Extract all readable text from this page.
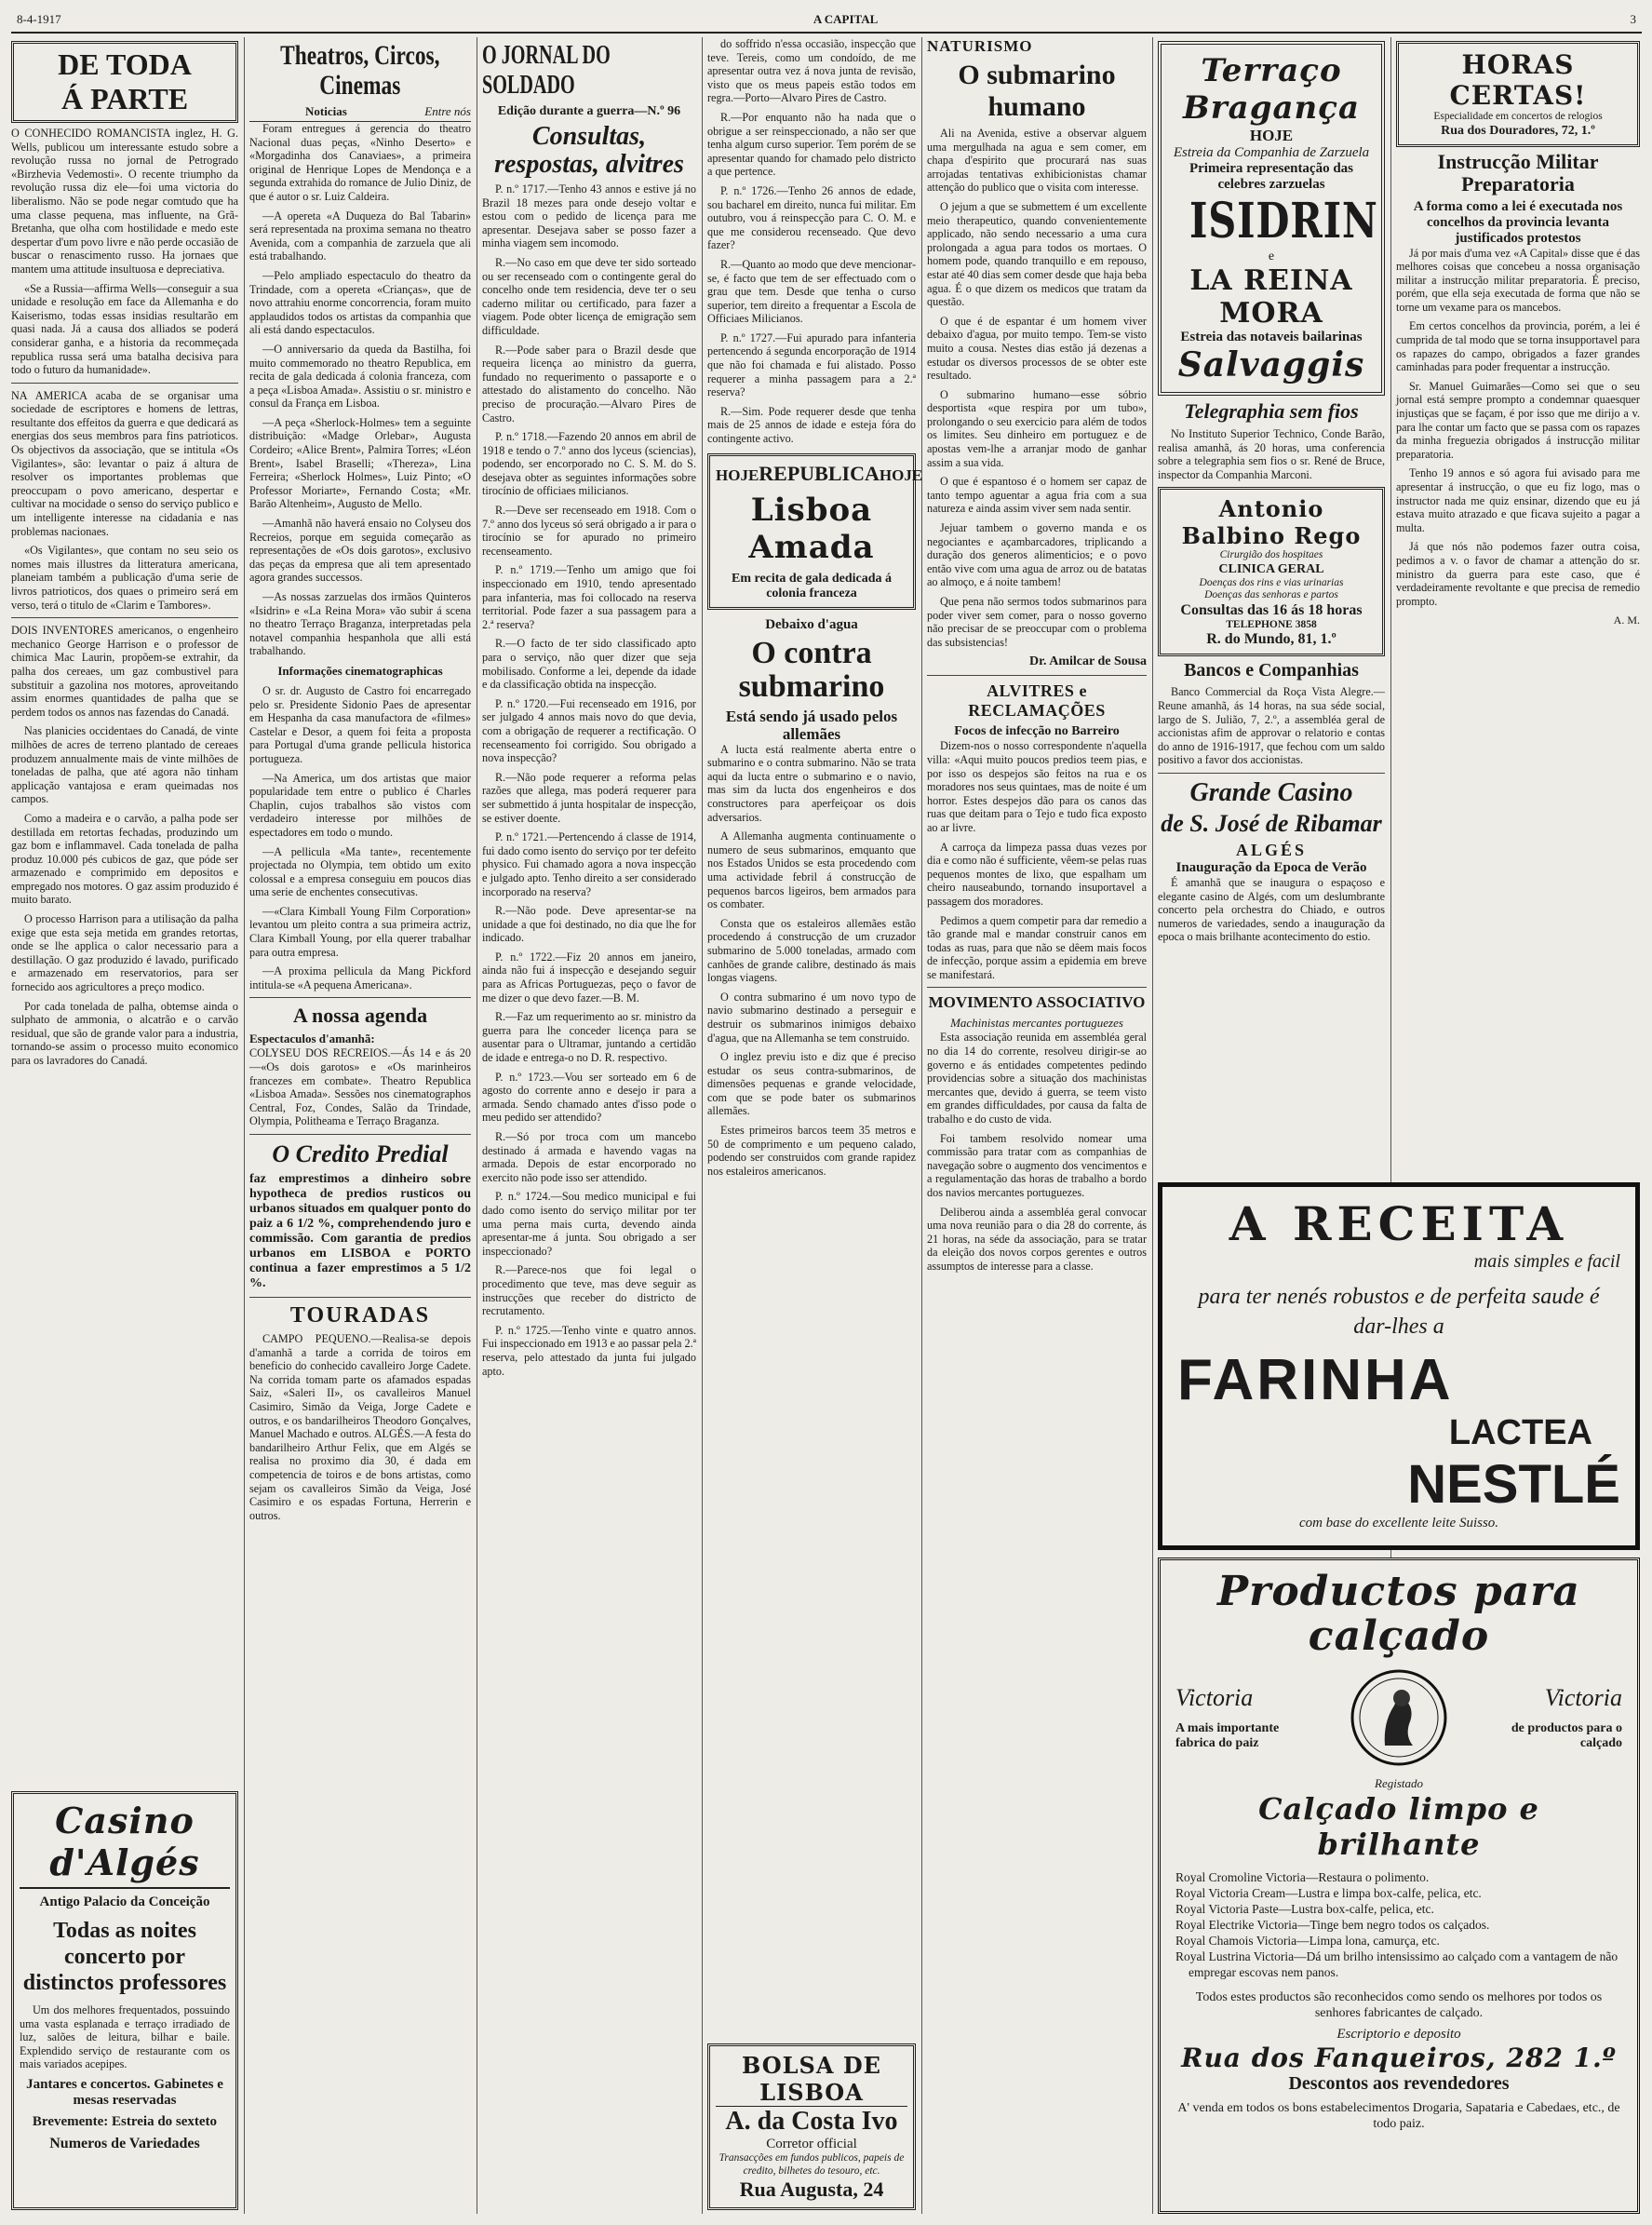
8-4-1917	A CAPITAL	3
DE TODA
Á PARTE

O CONHECIDO ROMANCISTA inglez, H. G. Wells, publicou um interessante estudo sobre a revolução russa no jornal de Petrogrado «Birzhevia Vedemosti». O recente triumpho da revolução russa diz ele—foi uma victoria do liberalismo. Não se pode negar comtudo que ha uma classe pequena, mas influente, na Grã-Bretanha, que olha com hostilidade e medo este despertar d'um povo livre e não perde occasião de buscar o renascimento russo. Ha jornaes que mantem uma attitude insultuosa e depreciativa.

«Se a Russia—affirma Wells—conseguir a sua unidade e resolução em face da Allemanha e do Kaiserismo, todas essas insidias resultarão em quasi nada. Já a causa dos alliados se poderá considerar ganha, e a historia da recommeçada republica russa será uma batalha decisiva para todo o futuro da humanidade».

NA AMERICA acaba de se organisar uma sociedade de escriptores e homens de lettras, resultante dos effeitos da guerra e que dedicará as energias dos seus membros para fins patrioticos. Os objectivos da associação, que se intitula «Os Vigilantes», são: levantar o paiz á altura de resolver os importantes problemas que preoccupam o povo americano, despertar e cultivar na mocidade o senso do serviço publico e um intelligente interesse na cidadania e nas problemas nacionaes.

«Os Vigilantes», que contam no seu seio os nomes mais illustres da litteratura americana, planeiam também a publicação d'uma serie de livros patrioticos, dos quaes o primeiro será em verso, terá o titulo de «Clarim e Tambores».

DOIS INVENTORES americanos, o engenheiro mechanico George Harrison e o professor de chimica Mac Laurin, propõem-se extrahir, da palha dos cereaes, um gaz combustivel para substituir a gazolina nos motores, aproveitando assim enormes quantidades de palha que se perdem todos os annos nas fazendas do Canadá.

Nas planicies occidentaes do Canadá, de vinte milhões de acres de terreno plantado de cereaes produzem annualmente mais de vinte milhões de toneladas de palha, que até agora não tinham applicação vantajosa e eram queimadas nos campos.

Como a madeira e o carvão, a palha pode ser destillada em retortas fechadas, produzindo um gaz bom e inflammavel. Cada tonelada de palha produz 10.000 pés cubicos de gaz, que póde ser armazenado e comprimido em depositos e empregado nos motores. O gaz assim produzido é muito barato.

O processo Harrison para a utilisação da palha exige que esta seja metida em grandes retortas, onde se lhe applica o calor necessario para a destillação. O gaz produzido é lavado, purificado e armazenado em reservatorios, para ser fornecido aos agricultores a preço modico.

Por cada tonelada de palha, obtemse ainda o sulphato de ammonia, o alcatrão e o carvão residual, que são de grande valor para a industria, tornando-se assim o processo muito economico para os lavradores do Canadá.

Casino d'Algés
Antigo Palacio da Conceição
Todas as noites concerto por distinctos professores

Um dos melhores frequentados, possuindo uma vasta esplanada e terraço irradiado de luz, salões de leitura, bilhar e baile. Explendido serviço de restaurante com os mais variados acepipes.

Jantares e concertos. Gabinetes e mesas reservadas
Brevemente: Estreia do sexteto
Numeros de Variedades
Theatros, Circos, Cinemas
Noticias	Entre nós

Foram entregues á gerencia do theatro Nacional duas peças, «Ninho Deserto» e «Morgadinha dos Canaviaes», a primeira original de Henrique Lopes de Mendonça e a segunda extrahida do romance de Julio Diniz, de que é autor o sr. Luiz Caldeira.

—A opereta «A Duqueza do Bal Tabarin» será representada na proxima semana no theatro Avenida, com a companhia de zarzuela que ali está trabalhando.

—Pelo ampliado espectaculo do theatro da Trindade, com a opereta «Crianças», que de novo attrahiu enorme concorrencia, foram muito applaudidos todos os artistas da companhia que ali está dando espectaculos.

—O anniversario da queda da Bastilha, foi muito commemorado no theatro Republica, em recita de gala dedicada á colonia franceza, com a peça «Lisboa Amada». Assistiu o sr. ministro e consul da França em Lisboa.

—A peça «Sherlock-Holmes» tem a seguinte distribuição: «Madge Orlebar», Augusta Cordeiro; «Alice Brent», Palmira Torres; «Léon Brent», Isabel Braselli; «Thereza», Lina Ferreira; «Sherlock Holmes», Luiz Pinto; «O Professor Moriarte», Fernando Costa; «Mr. Barão Altenheim», Augusto de Mello.

—Amanhã não haverá ensaio no Colyseu dos Recreios, porque em seguida começarão as representações de «Os dois garotos», exclusivo das peças da empresa que ali tem apresentado agora grandes successos.

—As nossas zarzuelas dos irmãos Quinteros «Isidrin» e «La Reina Mora» vão subir á scena no theatro Terraço Braganza, interpretadas pela notavel companhia hespanhola que alli está trabalhando.

Informações cinematographicas

O sr. dr. Augusto de Castro foi encarregado pelo sr. Presidente Sidonio Paes de apresentar em Hespanha da casa manufactora de «filmes» Castelar e Desor, a quem foi feita a proposta para Portugal d'uma grande pellicula historica portugueza.

—Na America, um dos artistas que maior popularidade tem entre o publico é Charles Chaplin, cujos trabalhos são vistos com verdadeiro interesse por milhões de espectadores em todo o mundo.

—A pellicula «Ma tante», recentemente projectada no Olympia, tem obtido um exito colossal e a empresa conseguiu em poucos dias uma serie de enchentes consecutivas.

—«Clara Kimball Young Film Corporation» levantou um pleito contra a sua primeira actriz, Clara Kimball Young, por ella querer trabalhar para outra empresa.

—A proxima pellicula da Mang Pickford intitula-se «A pequena Americana».

A nossa agenda
Espectaculos d'amanhã:

COLYSEU DOS RECREIOS.—Ás 14 e ás 20—«Os dois garotos» e «Os marinheiros francezes em combate». Theatro Republica «Lisboa Amada». Sessões nos cinematographos Central, Foz, Condes, Salão da Trindade, Olympia, Politheama e Terraço Braganza.

O Credito Predial

faz emprestimos a dinheiro sobre hypotheca de predios rusticos ou urbanos situados em qualquer ponto do paiz a 6 1/2 %, comprehendendo juro e commissão. Com garantia de predios urbanos em LISBOA e PORTO continua a fazer emprestimos a 5 1/2 %.

TOURADAS

CAMPO PEQUENO.—Realisa-se depois d'amanhã a tarde a corrida de toiros em beneficio do conhecido cavalleiro Jorge Cadete. Na corrida tomam parte os afamados espadas Saiz, «Saleri II», os cavalleiros Manuel Casimiro, Simão da Veiga, Jorge Cadete e outros, e os bandarilheiros Theodoro Gonçalves, Manuel Machado e outros. ALGÉS.—A festa do bandarilheiro Arthur Felix, que em Algés se realisa no proximo dia 30, é dada em competencia de toiros e de bons artistas, como sejam os cavalleiros Simão da Veiga, José Casimiro e os espadas Fortuna, Herrerin e outros.

O JORNAL DO SOLDADO
Edição durante a guerra—N.º 96
Consultas, respostas, alvitres

P. n.º 1717.—Tenho 43 annos e estive já no Brazil 18 mezes para onde desejo voltar e estou com o pedido de licença para me apresentar. Desejava saber se posso fazer a minha viagem sem incomodo.

R.—No caso em que deve ter sido sorteado ou ser recenseado com o contingente geral do concelho onde tem residencia, deve ter o seu caderno militar ou certificado, para fazer a viagem. Pode obter licença de emigração sem difficuldade.

R.—Pode saber para o Brazil desde que requeira licença ao ministro da guerra, fundado no requerimento o passaporte e o attestado do alistamento do concelho. Não preciso de procuração.—Alvaro Pires de Castro.

P. n.º 1718.—Fazendo 20 annos em abril de 1918 e tendo o 7.º anno dos lyceus (sciencias), podendo, ser encorporado no C. S. M. do S. desejava obter as seguintes informações sobre tirocínio de officiaes milicianos.

R.—Deve ser recenseado em 1918. Com o 7.º anno dos lyceus só será obrigado a ir para o tirocínio se for apurado no primeiro recenseamento.

P. n.º 1719.—Tenho um amigo que foi inspeccionado em 1910, tendo apresentado para infanteria, mas foi collocado na reserva territorial. Pode fazer a sua passagem para a 2.ª reserva?

R.—O facto de ter sido classificado apto para o serviço, não quer dizer que seja mobilisado. Conforme a lei, depende da idade e da classificação obtida na inspecção.

P. n.º 1720.—Fui recenseado em 1916, por ser julgado 4 annos mais novo do que devia, com a obrigação de requerer a rectificação. O recenseamento foi corrigido. Sou obrigado a nova inspecção?

R.—Não pode requerer a reforma pelas razões que allega, mas poderá requerer para ser submettido á junta hospitalar de inspecção, se estiver doente.

P. n.º 1721.—Pertencendo á classe de 1914, fui dado como isento do serviço por ter defeito physico. Fui chamado agora a nova inspecção e julgado apto. Tenho direito a ser considerado incorporado na reserva?

R.—Não pode. Deve apresentar-se na unidade a que foi destinado, no dia que lhe for indicado.

P. n.º 1722.—Fiz 20 annos em janeiro, ainda não fui á inspecção e desejando seguir para as Africas Portuguezas, peço o favor de me dizer o que devo fazer.—B. M.

R.—Faz um requerimento ao sr. ministro da guerra para lhe conceder licença para se ausentar para o Ultramar, juntando a certidão de idade e entrega-o no D. R. respectivo.

P. n.º 1723.—Vou ser sorteado em 6 de agosto do corrente anno e desejo ir para a armada. Sendo chamado antes d'isso pode o meu pedido ser attendido?

R.—Só por troca com um mancebo destinado á armada e havendo vagas na armada. Depois de estar encorporado no exercito não pode isso ser attendido.

P. n.º 1724.—Sou medico municipal e fui dado como isento do serviço militar por ter uma perna mais curta, devendo ainda apresentar-me á junta. Sou obrigado a ser inspeccionado?

R.—Parece-nos que foi legal o procedimento que teve, mas deve seguir as instrucções que receber do districto de recrutamento.

P. n.º 1725.—Tenho vinte e quatro annos. Fui inspeccionado em 1913 e ao passar pela 2.ª reserva, pelo attestado da junta fui julgado apto.

do soffrido n'essa occasião, inspecção que teve. Tereis, como um condoído, de me apresentar outra vez á nova junta de revisão, visto que os meus papeis estão todos em regra.—Porto—Alvaro Pires de Castro.

R.—Por enquanto não ha nada que o obrigue a ser reinspeccionado, a não ser que tenha algum curso superior. Tem porém de se apresentar quando for chamado pelo districto a que pertence.

P. n.º 1726.—Tenho 26 annos de edade, sou bacharel em direito, nunca fui militar. Em outubro, vou á reinspecção para C. O. M. e que me considerou recenseado. Que devo fazer?

R.—Quanto ao modo que deve mencionar-se, é facto que tem de ser effectuado com o grau que tem. Desde que tenha o curso superior, tem direito a frequentar a Escola de Officiaes Milicianos.

P. n.º 1727.—Fui apurado para infanteria pertencendo á segunda encorporação de 1914 que não foi chamada e fui alistado. Posso requerer a minha passagem para a 2.ª reserva?

R.—Sim. Pode requerer desde que tenha mais de 25 annos de idade e esteja fóra do contingente activo.

HOJE REPUBLICA HOJE
Lisboa Amada
Em recita de gala dedicada á colonia franceza
Debaixo d'agua
O contra submarino
Está sendo já usado pelos allemães

A lucta está realmente aberta entre o submarino e o contra submarino. Não se trata aqui da lucta entre o submarino e o navio, mas sim da lucta dos engenheiros e dos constructores para aperfeiçoar os dois adversarios.

A Allemanha augmenta continuamente o numero de seus submarinos, emquanto que nos Estados Unidos se esta procedendo com uma actividade febril á construcção de pequenos barcos ligeiros, bem armados para os combater.

Consta que os estaleiros allemães estão procedendo á construcção de um cruzador submarino de 5.000 toneladas, armado com canhões de grande calibre, destinado ás mais longas viagens.

O contra submarino é um novo typo de navio submarino destinado a perseguir e destruir os submarinos inimigos debaixo d'agua, que na Allemanha se tem construido.

O inglez previu isto e diz que é preciso estudar os seus contra-submarinos, de dimensões pequenas e grande velocidade, com que se pode bater os submarinos allemães.

Estes primeiros barcos teem 35 metros e 50 de comprimento e um pequeno calado, podendo ser construidos com grande rapidez nos estaleiros americanos.

BOLSA DE LISBOA
A. da Costa Ivo
Corretor official
Transacções em fundos publicos, papeis de credito, bilhetes do tesouro, etc.
Rua Augusta, 24
NATURISMO
O submarino humano

Ali na Avenida, estive a observar alguem uma mergulhada na agua e sem comer, em chapa d'espirito que procurará nas suas arrojadas tentativas exhibicionistas chamar attenção do publico que o visita com interesse.

O jejum a que se submettem é um excellente meio therapeutico, quando convenientemente applicado, não sendo necessario a uma cura prolongada a agua para todos os mortaes. O homem pode, quando tranquillo e em repouso, estar até 40 dias sem comer desde que haja beba agua. É o que dizem os medicos que tratam da questão.

O que é de espantar é um homem viver debaixo d'agua, por muito tempo. Tem-se visto muito a cousa. Nestes dias estão já dezenas a estudar os diversos processos de se obter este resultado.

O submarino humano—esse sóbrio desportista «que respira por um tubo», prolongando o seu exercicio para além de todos os limites. Seu dinheiro em portuguez e de apostas vem-lhe a arranjar modo de ganhar assim a sua vida.

O que é espantoso é o homem ser capaz de tanto tempo aguentar a agua fria com a sua natureza e ainda assim viver sem nada sentir.

Jejuar tambem o governo manda e os negociantes e açambarcadores, triplicando a duração dos generos alimenticios; e o povo então vive com uma agua de arroz ou de batatas ao almoço, e á noite tambem!

Que pena não sermos todos submarinos para poder viver sem comer, para o nosso governo não precisar de se preoccupar com o problema das subsistencias!

Dr. Amilcar de Sousa
ALVITRES e RECLAMAÇÕES
Focos de infecção no Barreiro

Dizem-nos o nosso correspondente n'aquella villa: «Aqui muito poucos predios teem pias, e por isso os despejos são feitos na rua e os moradores nos seus quintaes, mas de noite é um horror. Estes despejos dão para os canos das ruas que deitam para o Tejo e tudo fica exposto ao ar livre.

A carroça da limpeza passa duas vezes por dia e como não é sufficiente, vêem-se pelas ruas pequenos montes de lixo, que espalham um cheiro nauseabundo, tornando insuportavel a passagem dos moradores.

Pedimos a quem competir para dar remedio a tão grande mal e mandar construir canos em todas as ruas, para que não se dêem mais focos de infecção, porque assim a epidemia em breve se manifestará.

MOVIMENTO ASSOCIATIVO
Machinistas mercantes portuguezes

Esta associação reunida em assembléa geral no dia 14 do corrente, resolveu dirigir-se ao governo e ás entidades competentes pedindo providencias sobre a situação dos machinistas mercantes que, devido á guerra, se teem visto em grandes difficuldades, por causa da falta de trabalho e do custo de vida.

Foi tambem resolvido nomear uma commissão para tratar com as companhias de navegação sobre o augmento dos vencimentos e a regulamentação das horas de trabalho a bordo dos navios mercantes portuguezes.

Deliberou ainda a assembléa geral convocar uma nova reunião para o dia 28 do corrente, ás 21 horas, na séde da associação, para se tratar da eleição dos novos corpos gerentes e outros assumptos de interesse para a classe.

Terraço Bragança
HOJE
Estreia da Companhia de Zarzuela
Primeira representação das celebres zarzuelas
ISIDRIN
e
LA REINA MORA
Estreia das notaveis bailarinas
Salvaggis
Telegraphia sem fios

No Instituto Superior Technico, Conde Barão, realisa amanhã, ás 20 horas, uma conferencia sobre a telegraphia sem fios o sr. René de Bruce, inspector da Companhia Marconi.

Antonio Balbino Rego
Cirurgião dos hospitaes
CLINICA GERAL
Doenças dos rins e vias urinarias
Doenças das senhoras e partos
Consultas das 16 ás 18 horas
TELEPHONE 3858
R. do Mundo, 81, 1.º
Bancos e Companhias

Banco Commercial da Roça Vista Alegre.—Reune amanhã, ás 14 horas, na sua séde social, largo de S. Julião, 7, 2.º, a assembléa geral de accionistas afim de approvar o relatorio e contas do anno de 1916-1917, que fechou com um saldo positivo a favor dos accionistas.

Grande Casino
de S. José de Ribamar
ALGÉS
Inauguração da Epoca de Verão

É amanhã que se inaugura o espaçoso e elegante casino de Algés, com um deslumbrante concerto pela orchestra do Chiado, e outros numeros de variedades, sendo a inauguração da epoca o mais brilhante acontecimento do estio.

HORAS CERTAS!
Especialidade em concertos de relogios
Rua dos Douradores, 72, 1.º
Instrucção Militar Preparatoria
A forma como a lei é executada nos concelhos da provincia levanta justificados protestos

Já por mais d'uma vez «A Capital» disse que é das melhores coisas que concebeu a nossa organisação militar a instrucção militar preparatoria. É preciso, porém, que ella seja executada de forma que não se torne um vexame para os mancebos.

Em certos concelhos da provincia, porém, a lei é cumprida de tal modo que se torna insupportavel para os rapazes do campo, obrigados a fazer grandes caminhadas para poder frequentar a instrucção.

Sr. Manuel Guimarães—Como sei que o seu jornal está sempre prompto a condemnar quaesquer injustiças que se façam, é por isso que me dirijo a v. para lhe contar um facto que se passa com os rapazes da minha freguezia obrigados á instrucção militar preparatoria.

Tenho 19 annos e só agora fui avisado para me apresentar á instrucção, o que eu fiz logo, mas o instructor nada me quiz ensinar, dizendo que eu já estava muito atrazado e que ficava sujeito a pagar a multa.

Já que nós não podemos fazer outra coisa, pedimos a v. o favor de chamar a attenção do sr. ministro da guerra para este caso, que é verdadeiramente revoltante e que precisa de remedio prompto.

A. M.
A RECEITA
mais simples e facil
para ter nenés robustos e de perfeita saude é dar-lhes a
FARINHA
LACTEA
NESTLÉ
com base do excellente leite Suisso.
Productos para calçado
Victoria
A mais importante fabrica do paiz
Victoria
de productos para o calçado
Registado
Calçado limpo e brilhante
Royal Cromoline Victoria—Restaura o polimento.
Royal Victoria Cream—Lustra e limpa box-calfe, pelica, etc.
Royal Victoria Paste—Lustra box-calfe, pelica, etc.
Royal Electrike Victoria—Tinge bem negro todos os calçados.
Royal Chamois Victoria—Limpa lona, camurça, etc.
Royal Lustrina Victoria—Dá um brilho intensissimo ao calçado com a vantagem de não empregar escovas nem panos.

Todos estes productos são reconhecidos como sendo os melhores por todos os senhores fabricantes de calçado.

Escriptorio e deposito
Rua dos Fanqueiros, 282 1.º
Descontos aos revendedores

A' venda em todos os bons estabelecimentos Drogaria, Sapataria e Cabedaes, etc., de todo paiz.
